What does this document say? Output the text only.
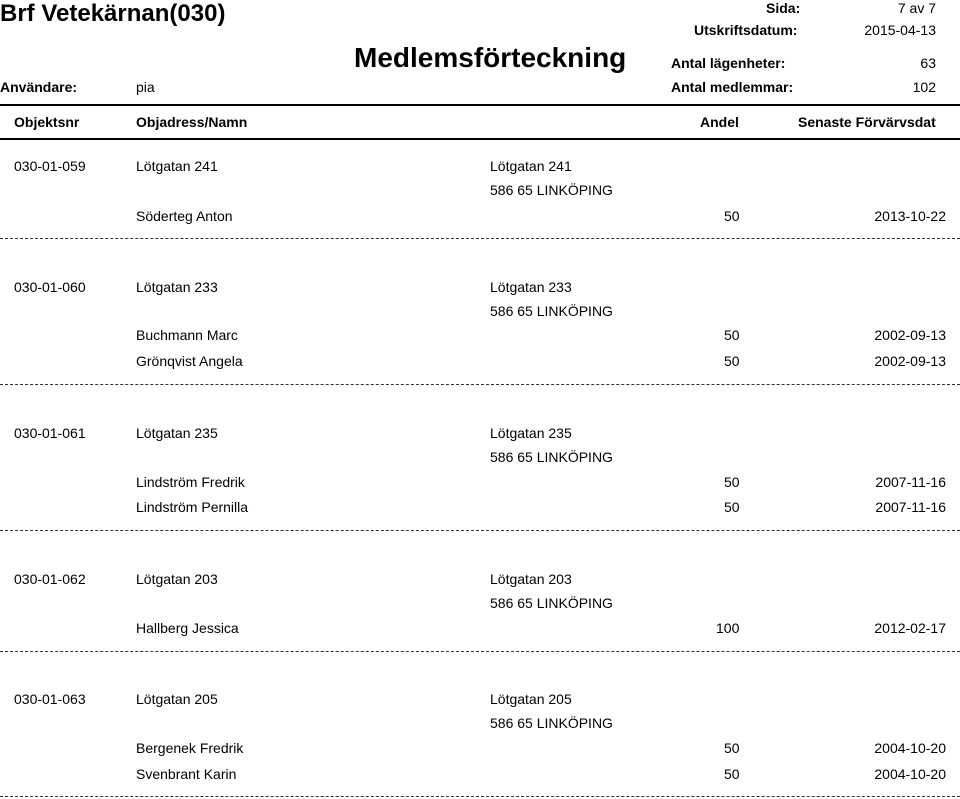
Brf Vetekärnan(030)
Medlemsförteckning
Sida:	7 av 7
Utskriftsdatum:	2015-04-13
Antal lägenheter:	63
Användare:	pia	Antal medlemmar:	102
Objektsnr	Objadress/Namn	Andel	Senaste Förvärvsdat
030-01-059	Lötgatan 241	Lötgatan 241
586 65 LINKÖPING
Söderteg Anton	50	2013-10-22
030-01-060	Lötgatan 233	Lötgatan 233
586 65 LINKÖPING
Buchmann Marc	50	2002-09-13
Grönqvist Angela	50	2002-09-13
030-01-061	Lötgatan 235	Lötgatan 235
586 65 LINKÖPING
Lindström Fredrik	50	2007-11-16
Lindström Pernilla	50	2007-11-16
030-01-062	Lötgatan 203	Lötgatan 203
586 65 LINKÖPING
Hallberg Jessica	100	2012-02-17
030-01-063	Lötgatan 205	Lötgatan 205
586 65 LINKÖPING
Bergenek Fredrik	50	2004-10-20
Svenbrant Karin	50	2004-10-20
